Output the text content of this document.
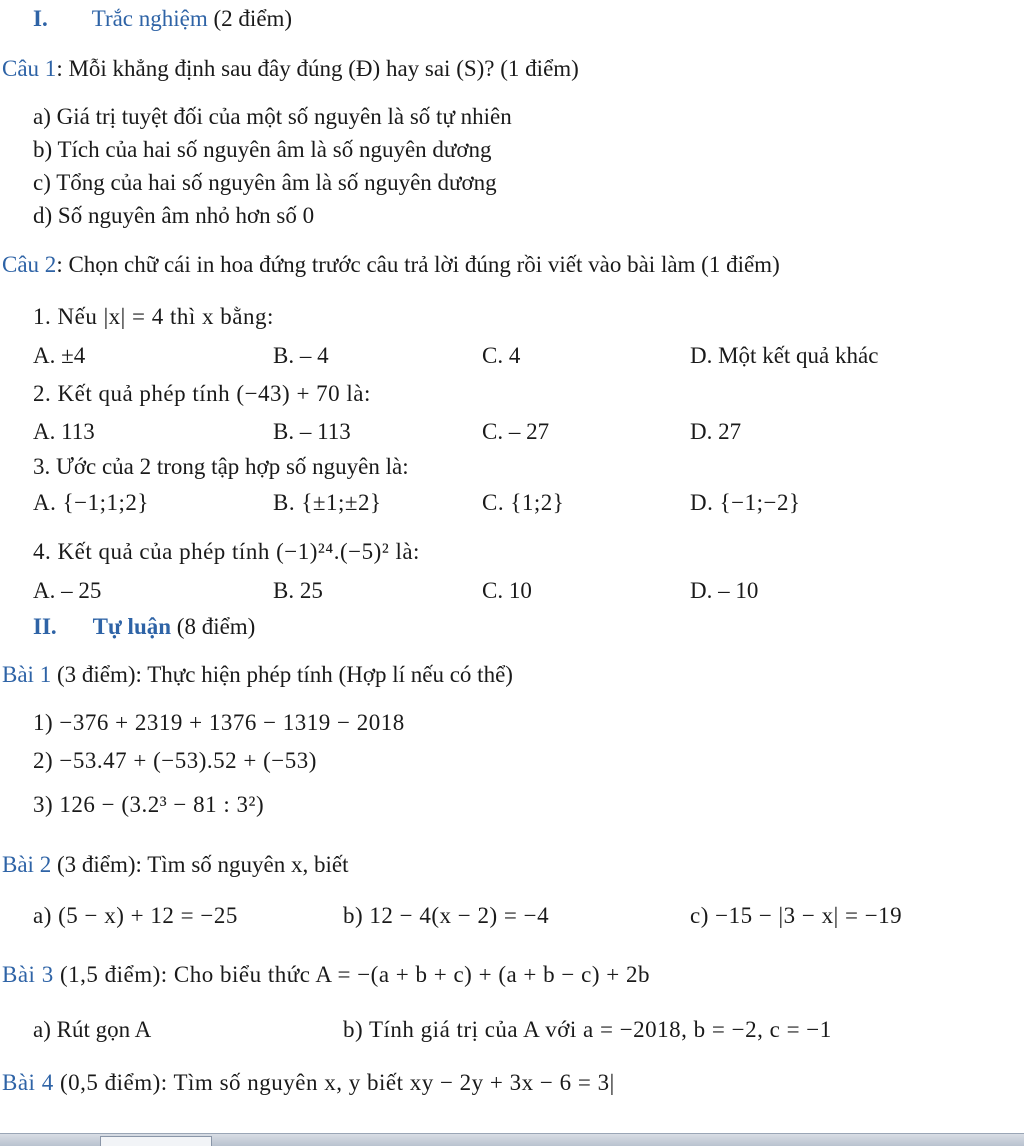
I. Trắc nghiệm (2 điểm)
Câu 1: Mỗi khẳng định sau đây đúng (Đ) hay sai (S)? (1 điểm)
a) Giá trị tuyệt đối của một số nguyên là số tự nhiên
b) Tích của hai số nguyên âm là số nguyên dương
c) Tổng của hai số nguyên âm là số nguyên dương
d) Số nguyên âm nhỏ hơn số 0
Câu 2: Chọn chữ cái in hoa đứng trước câu trả lời đúng rồi viết vào bài làm (1 điểm)
1. Nếu |x| = 4 thì x bằng:
A. ±4	B. – 4	C. 4	D. Một kết quả khác
2. Kết quả phép tính (−43) + 70 là:
A. 113	B. – 113	C. – 27	D. 27
3. Ước của 2 trong tập hợp số nguyên là:
A. {−1;1;2}	B. {±1;±2}	C. {1;2}	D. {−1;−2}
4. Kết quả của phép tính (−1)²⁴.(−5)² là:
A. – 25	B. 25	C. 10	D. – 10
II. Tự luận (8 điểm)
Bài 1 (3 điểm): Thực hiện phép tính (Hợp lí nếu có thể)
1) −376 + 2319 + 1376 − 1319 − 2018
2) −53.47 + (−53).52 + (−53)
3) 126 − (3.2³ − 81 : 3²)
Bài 2 (3 điểm): Tìm số nguyên x, biết
a) (5 − x) + 12 = −25	b) 12 − 4(x − 2) = −4	c) −15 − |3 − x| = −19
Bài 3 (1,5 điểm): Cho biểu thức A = −(a + b + c) + (a + b − c) + 2b
a) Rút gọn A	b) Tính giá trị của A với a = −2018, b = −2, c = −1
Bài 4 (0,5 điểm): Tìm số nguyên x, y biết xy − 2y + 3x − 6 = 3|
